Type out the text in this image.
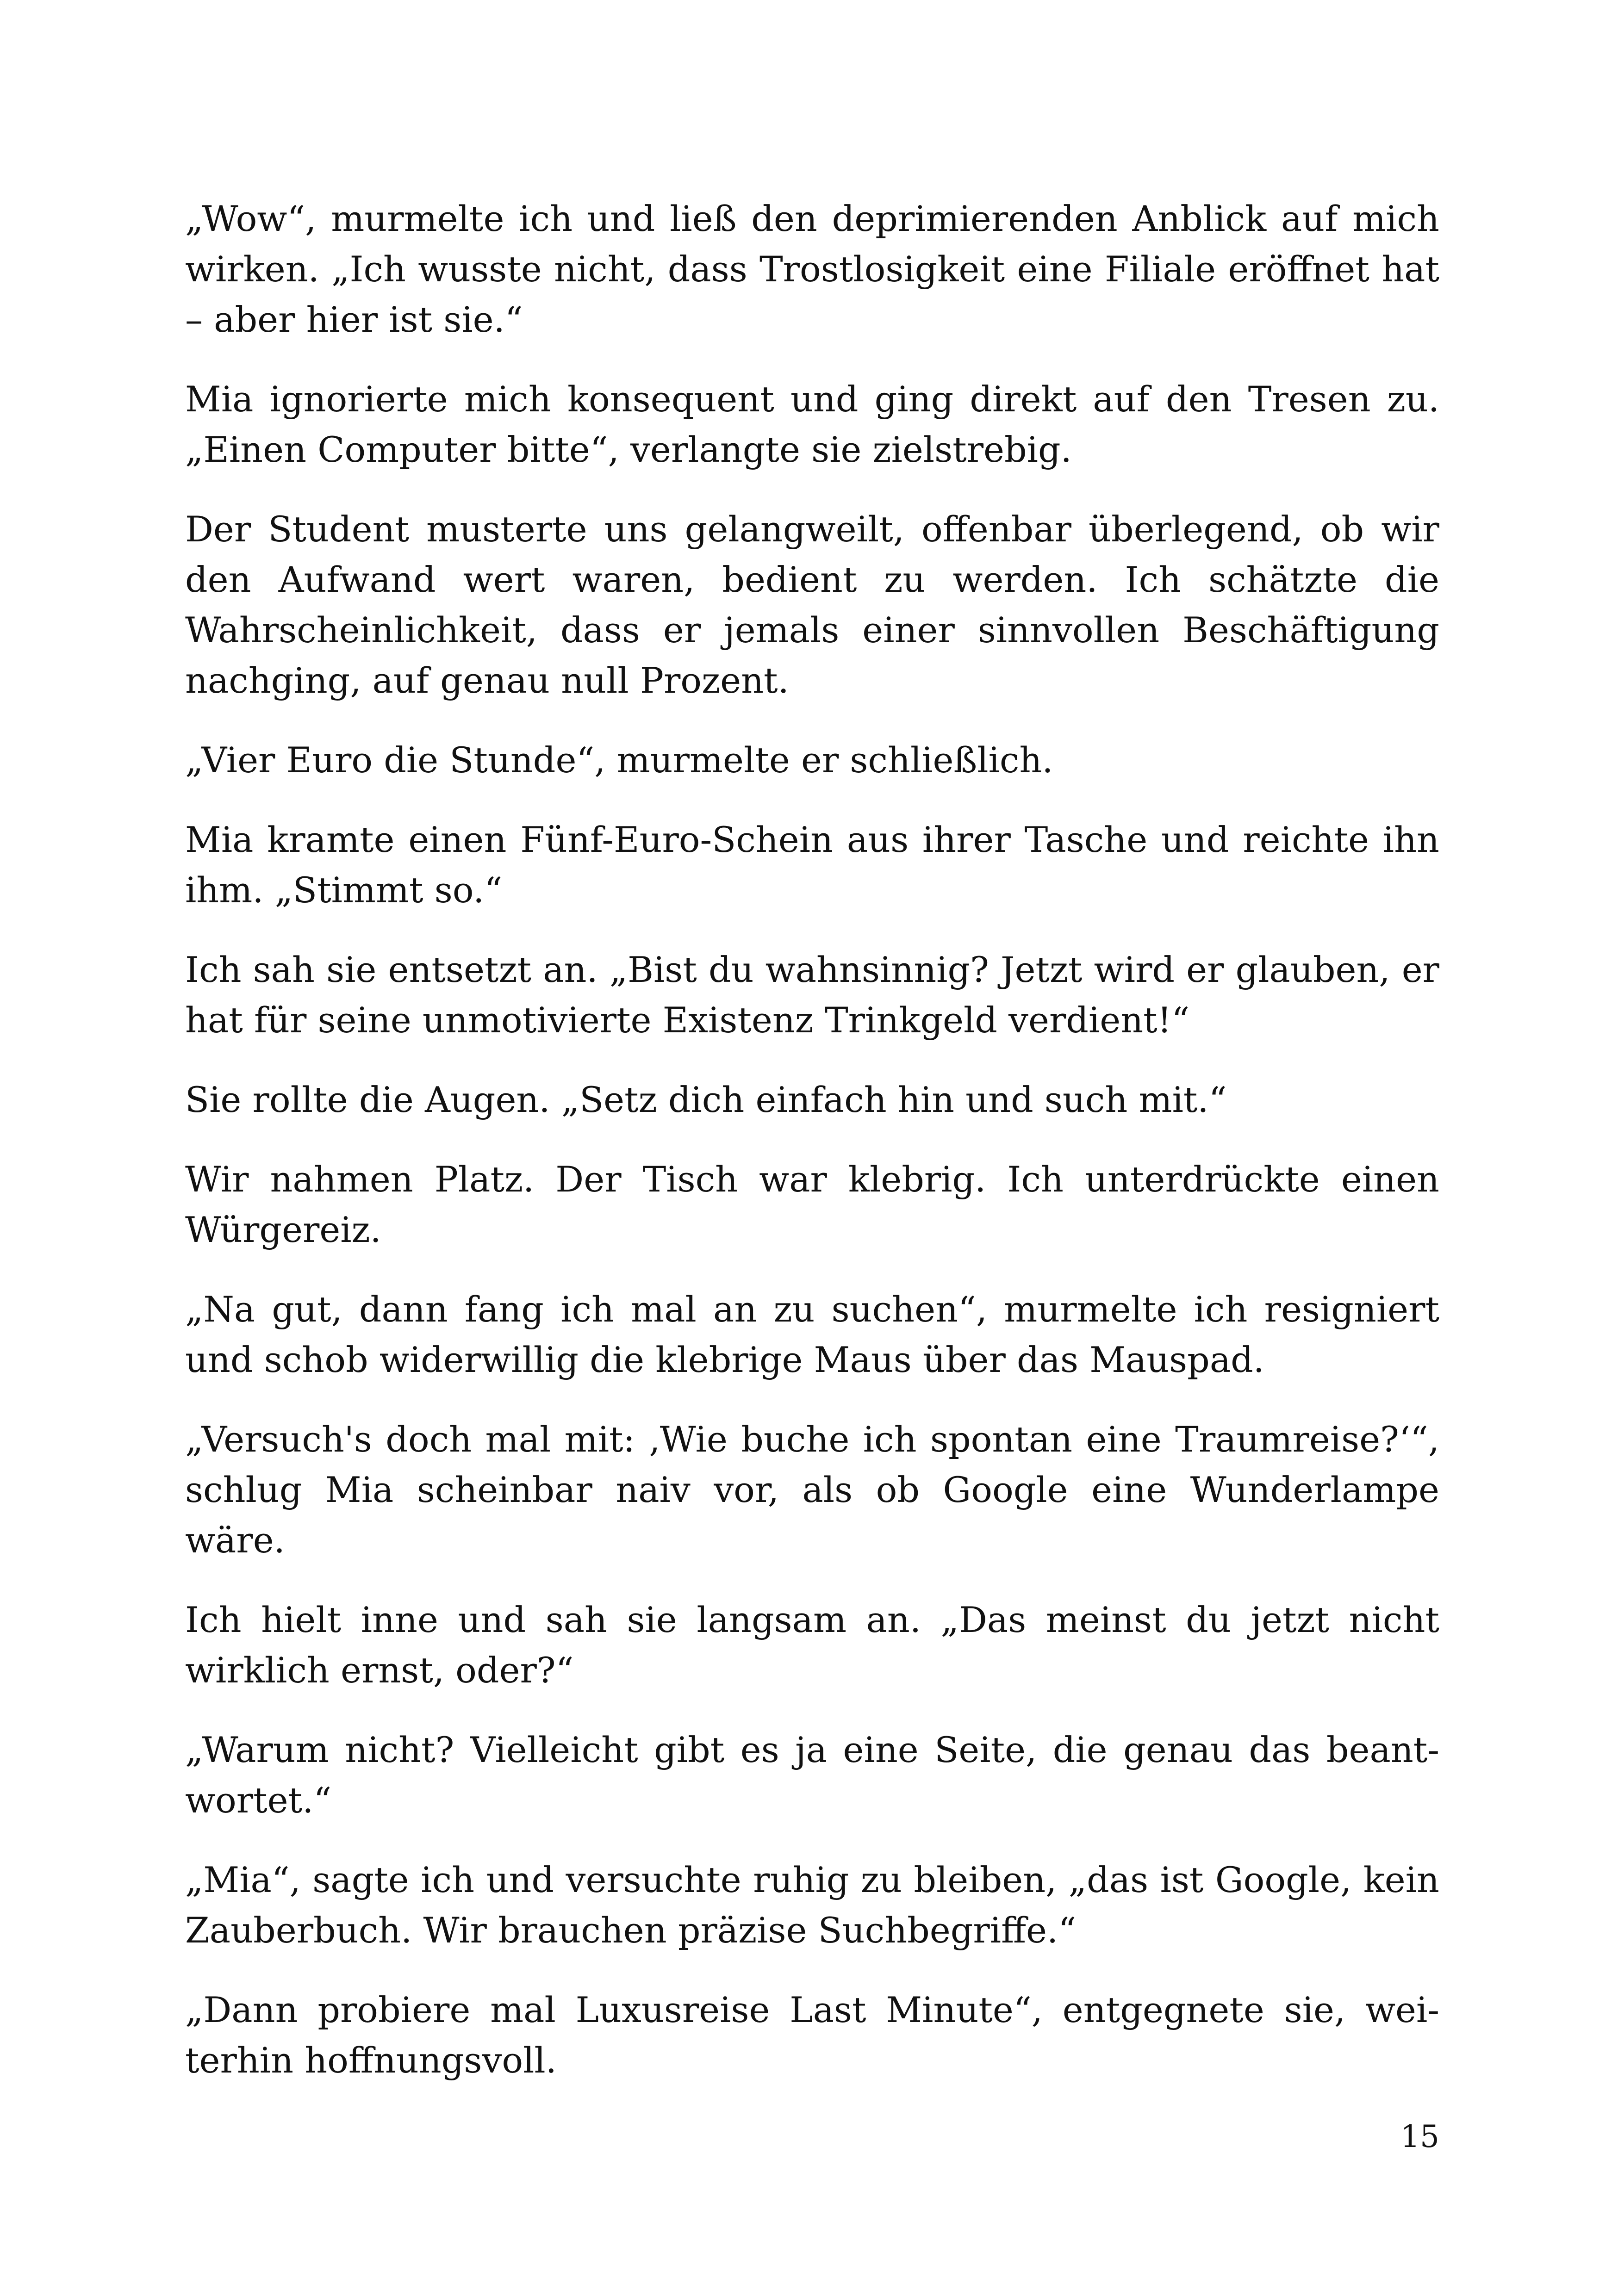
„Wow“, murmelte ich und ließ den deprimierenden Anblick auf mich wirken. „Ich wusste nicht, dass Trostlosigkeit eine Filiale eröffnet hat – aber hier ist sie.“

Mia ignorierte mich konsequent und ging direkt auf den Tresen zu. „Einen Computer bitte“, verlangte sie zielstrebig.

Der Student musterte uns gelangweilt, offenbar überlegend, ob wir den Aufwand wert waren, bedient zu werden. Ich schätzte die Wahrscheinlichkeit, dass er jemals einer sinnvollen Beschäftigung nachging, auf genau null Prozent.

„Vier Euro die Stunde“, murmelte er schließlich.

Mia kramte einen Fünf-Euro-Schein aus ihrer Tasche und reichte ihn ihm. „Stimmt so.“

Ich sah sie entsetzt an. „Bist du wahnsinnig? Jetzt wird er glauben, er hat für seine unmotivierte Existenz Trinkgeld verdient!“

Sie rollte die Augen. „Setz dich einfach hin und such mit.“

Wir nahmen Platz. Der Tisch war klebrig. Ich unterdrückte einen Würgereiz.

„Na gut, dann fang ich mal an zu suchen“, murmelte ich resigniert und schob widerwillig die klebrige Maus über das Mauspad.

„Versuch's doch mal mit: ‚Wie buche ich spontan eine Traumreise?‘“, schlug Mia scheinbar naiv vor, als ob Google eine Wunderlampe wäre.

Ich hielt inne und sah sie langsam an. „Das meinst du jetzt nicht wirklich ernst, oder?“

„Warum nicht? Vielleicht gibt es ja eine Seite, die genau das beantwortet.“

„Mia“, sagte ich und versuchte ruhig zu bleiben, „das ist Google, kein Zauberbuch. Wir brauchen präzise Suchbegriffe.“

„Dann probiere mal Luxusreise Last Minute“, entgegnete sie, weiterhin hoffnungsvoll.

15
